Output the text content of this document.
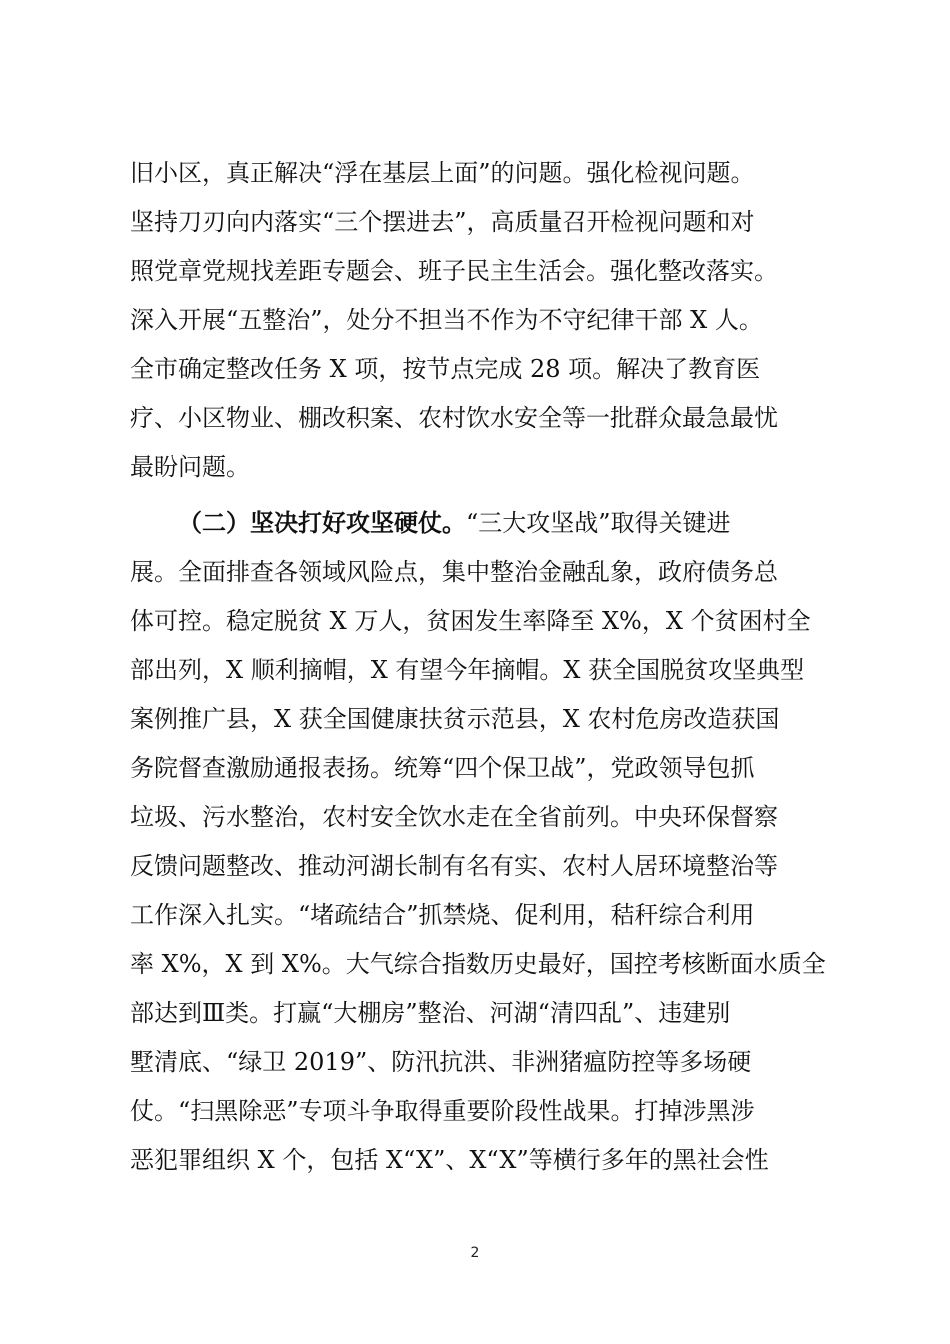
旧小区，真正解决“浮在基层上面”的问题。强化检视问题。
坚持刀刃向内落实“三个摆进去”，高质量召开检视问题和对
照党章党规找差距专题会、班子民主生活会。强化整改落实。
深入开展“五整治”，处分不担当不作为不守纪律干部 X 人。
全市确定整改任务 X 项，按节点完成 28 项。解决了教育医
疗、小区物业、棚改积案、农村饮水安全等一批群众最急最忧
最盼问题。
（二）坚决打好攻坚硬仗。“三大攻坚战”取得关键进
展。全面排查各领域风险点，集中整治金融乱象，政府债务总
体可控。稳定脱贫 X 万人，贫困发生率降至 X%，X 个贫困村全
部出列，X 顺利摘帽，X 有望今年摘帽。X 获全国脱贫攻坚典型
案例推广县，X 获全国健康扶贫示范县，X 农村危房改造获国
务院督查激励通报表扬。统筹“四个保卫战”，党政领导包抓
垃圾、污水整治，农村安全饮水走在全省前列。中央环保督察
反馈问题整改、推动河湖长制有名有实、农村人居环境整治等
工作深入扎实。“堵疏结合”抓禁烧、促利用，秸秆综合利用
率 X%，X 到 X%。大气综合指数历史最好，国控考核断面水质全
部达到Ⅲ类。打赢“大棚房”整治、河湖“清四乱”、违建别
墅清底、“绿卫 2019”、防汛抗洪、非洲猪瘟防控等多场硬
仗。“扫黑除恶”专项斗争取得重要阶段性战果。打掉涉黑涉
恶犯罪组织 X 个，包括 X“X”、X“X”等横行多年的黑社会性
2
